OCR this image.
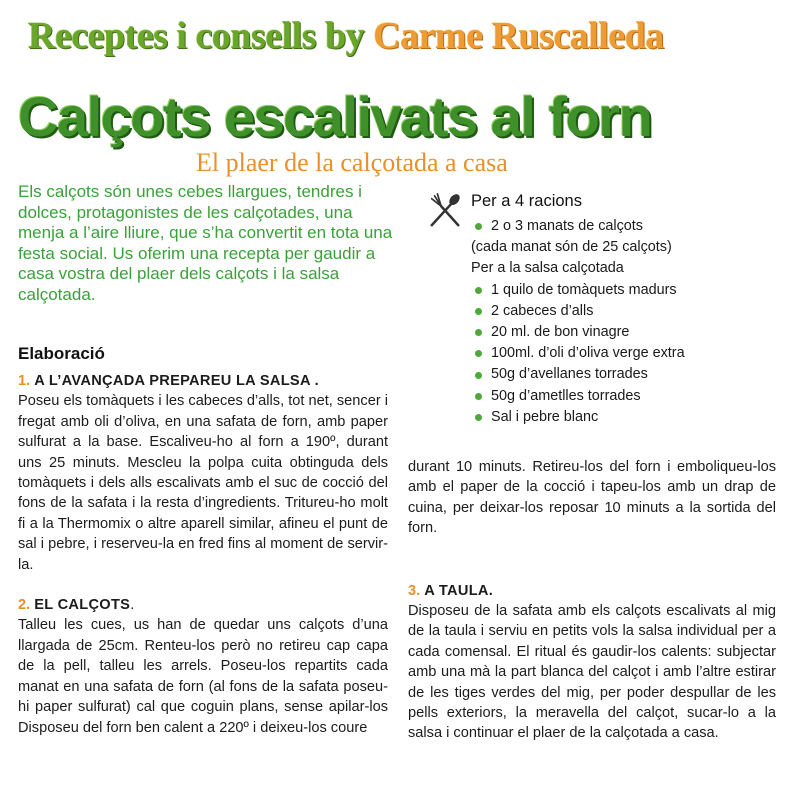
Receptes i consells by Carme Ruscalleda
Calçots escalivats al forn
El plaer de la calçotada a casa

Els calçots són unes cebes llargues, tendres i dolces, protagonistes de les calçotades, una menja a l’aire lliure, que s’ha convertit en tota una festa social. Us oferim una recepta per gaudir a casa vostra del plaer dels calçots i la salsa calçotada.

Per a 4 racions
2 o 3 manats de calçots
(cada manat són de 25 calçots)
Per a la salsa calçotada
1 quilo de tomàquets madurs
2 cabeces d’alls
20 ml. de bon vinagre
100ml. d’oli d’oliva verge extra
50g d’avellanes torrades
50g d’ametlles torrades
Sal i pebre blanc
Elaboració

1. A L’AVANÇADA PREPAREU LA SALSA .
Poseu els tomàquets i les cabeces d’alls, tot net, sencer i fregat amb oli d’oliva, en una safata de forn, amb paper sulfurat a la base. Escaliveu-ho al forn a 190º, durant uns 25 minuts. Mescleu la polpa cuita obtinguda dels tomàquets i dels alls escalivats amb el suc de cocció del fons de la safata i la resta d’ingredients. Tritureu-ho molt fi a la Thermomix o altre aparell similar, afineu el punt de sal i pebre, i reserveu-la en fred fins al moment de servir-la.

2. EL CALÇOTS.
Talleu les cues, us han de quedar uns calçots d’una llargada de 25cm. Renteu-los però no retireu cap capa de la pell, talleu les arrels. Poseu-los repartits cada manat en una safata de forn (al fons de la safata poseu-hi paper sulfurat) cal que coguin plans, sense apilar-los Disposeu del forn ben calent a 220º i deixeu-los coure

durant 10 minuts. Retireu-los del forn i emboliqueu-los amb el paper de la cocció i tapeu-los amb un drap de cuina, per deixar-los reposar 10 minuts a la sortida del forn.

3. A TAULA.
Disposeu de la safata amb els calçots escalivats al mig de la taula i serviu en petits vols la salsa individual per a cada comensal. El ritual és gaudir-los calents: subjectar amb una mà la part blanca del calçot i amb l’altre estirar de les tiges verdes del mig, per poder despullar de les pells exteriors, la meravella del calçot, sucar-lo a la salsa i continuar el plaer de la calçotada a casa.
